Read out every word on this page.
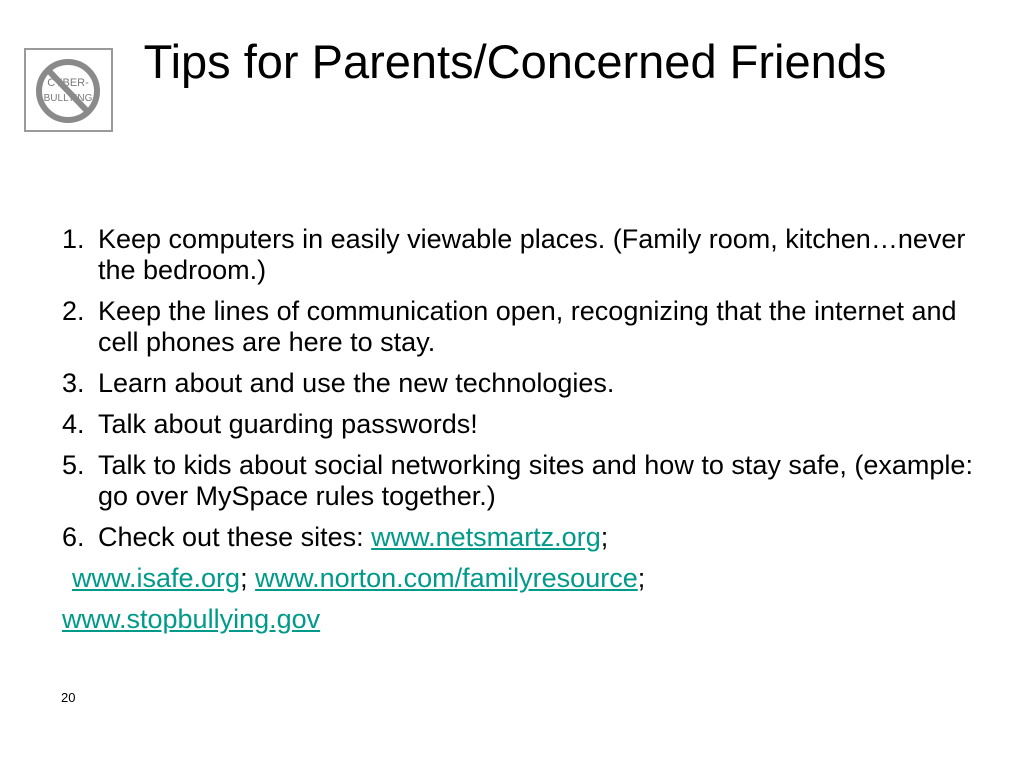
CYBER-
BULLYING
Tips for Parents/Concerned Friends
1. Keep computers in easily viewable places. (Family room, kitchen…never the bedroom.)
2. Keep the lines of communication open, recognizing that the internet and cell phones are here to stay.
3. Learn about and use the new technologies.
4. Talk about guarding passwords!
5. Talk to kids about social networking sites and how to stay safe, (example: go over MySpace rules together.)
6. Check out these sites: www.netsmartz.org;
www.isafe.org; www.norton.com/familyresource;
www.stopbullying.gov
20
